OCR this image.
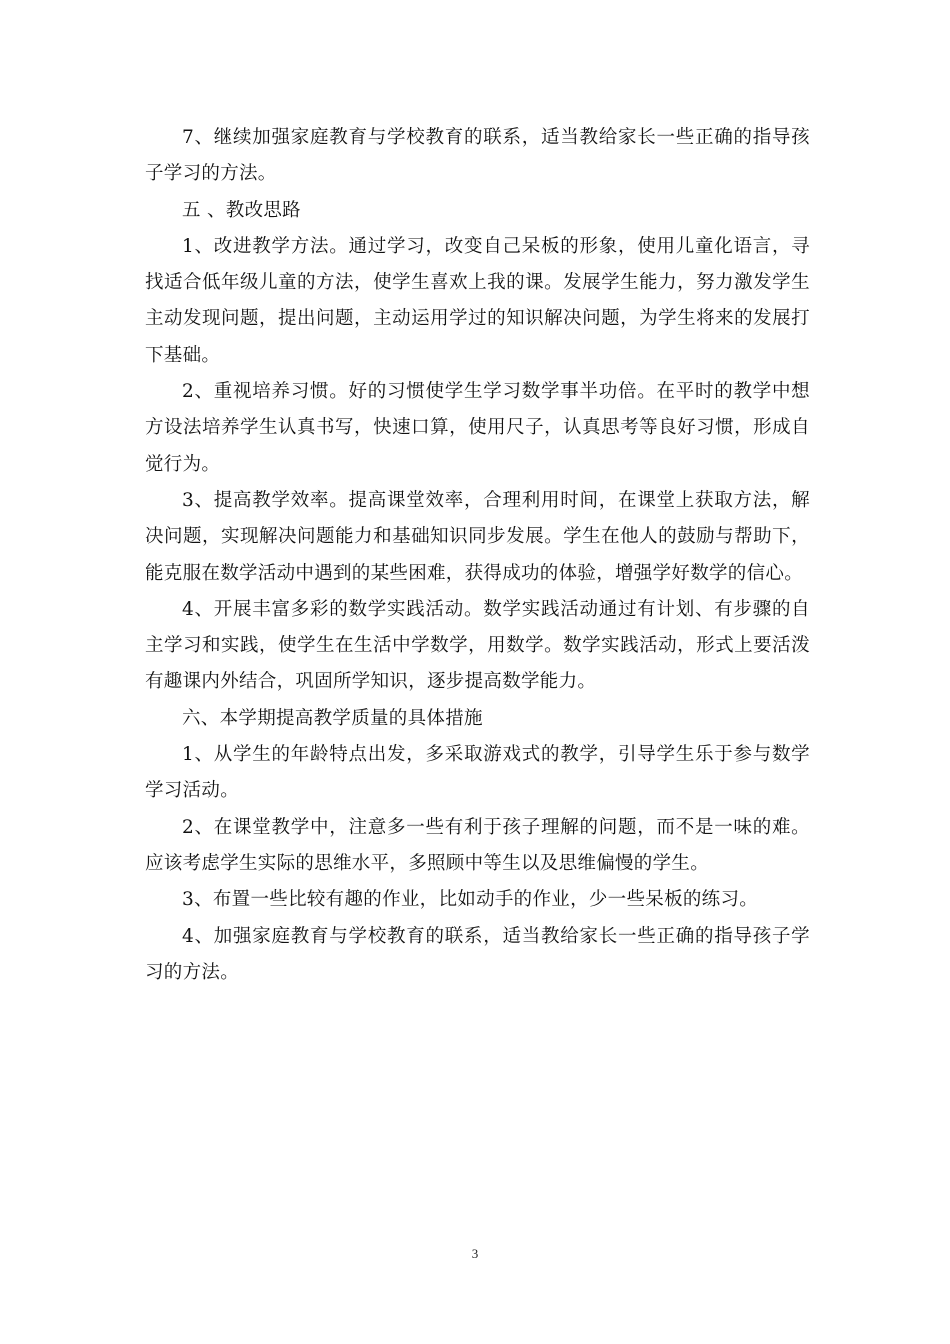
7、继续加强家庭教育与学校教育的联系，适当教给家长一些正确的指导孩子学习的方法。

五 、教改思路

1、改进教学方法。通过学习，改变自己呆板的形象，使用儿童化语言，寻找适合低年级儿童的方法，使学生喜欢上我的课。发展学生能力，努力激发学生主动发现问题，提出问题，主动运用学过的知识解决问题，为学生将来的发展打下基础。

2、重视培养习惯。好的习惯使学生学习数学事半功倍。在平时的教学中想方设法培养学生认真书写，快速口算，使用尺子，认真思考等良好习惯，形成自觉行为。

3、提高教学效率。提高课堂效率，合理利用时间，在课堂上获取方法，解决问题，实现解决问题能力和基础知识同步发展。学生在他人的鼓励与帮助下，能克服在数学活动中遇到的某些困难，获得成功的体验，增强学好数学的信心。

4、开展丰富多彩的数学实践活动。数学实践活动通过有计划、有步骤的自主学习和实践，使学生在生活中学数学，用数学。数学实践活动，形式上要活泼有趣课内外结合，巩固所学知识，逐步提高数学能力。

六、本学期提高教学质量的具体措施

1、从学生的年龄特点出发，多采取游戏式的教学，引导学生乐于参与数学学习活动。

2、在课堂教学中，注意多一些有利于孩子理解的问题，而不是一味的难。应该考虑学生实际的思维水平，多照顾中等生以及思维偏慢的学生。

3、布置一些比较有趣的作业，比如动手的作业，少一些呆板的练习。

4、加强家庭教育与学校教育的联系，适当教给家长一些正确的指导孩子学习的方法。

3
